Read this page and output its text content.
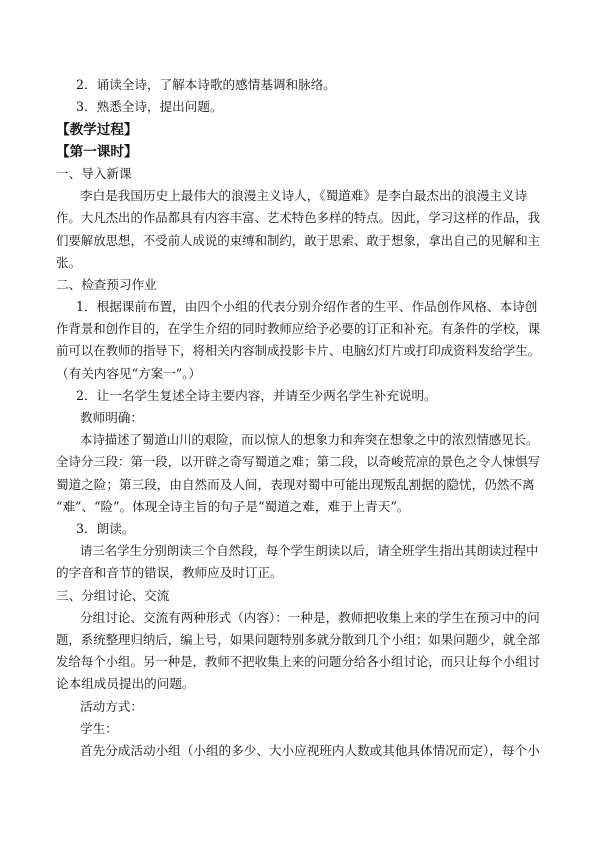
2．诵读全诗，了解本诗歌的感情基调和脉络。
3．熟悉全诗，提出问题。
【教学过程】
【第一课时】
一、导入新课
李白是我国历史上最伟大的浪漫主义诗人，《蜀道难》是李白最杰出的浪漫主义诗
作。大凡杰出的作品都具有内容丰富、艺术特色多样的特点。因此，学习这样的作品，我
们要解放思想，不受前人成说的束缚和制约，敢于思索、敢于想象，拿出自己的见解和主
张。
二、检查预习作业
1．根据课前布置，由四个小组的代表分别介绍作者的生平、作品创作风格、本诗创
作背景和创作目的，在学生介绍的同时教师应给予必要的订正和补充。有条件的学校，课
前可以在教师的指导下，将相关内容制成投影卡片、电脑幻灯片或打印成资料发给学生。
（有关内容见“方案一”。）
2．让一名学生复述全诗主要内容，并请至少两名学生补充说明。
教师明确：
本诗描述了蜀道山川的艰险，而以惊人的想象力和奔突在想象之中的浓烈情感见长。
全诗分三段：第一段，以开辟之奇写蜀道之难；第二段，以奇峻荒凉的景色之令人悚惧写
蜀道之险；第三段，由自然而及人间，表现对蜀中可能出现叛乱割据的隐忧，仍然不离
“难”、“险”。体现全诗主旨的句子是“蜀道之难，难于上青天”。
3．朗读。
请三名学生分别朗读三个自然段，每个学生朗读以后，请全班学生指出其朗读过程中
的字音和音节的错误，教师应及时订正。
三、分组讨论、交流
分组讨论、交流有两种形式（内容）：一种是，教师把收集上来的学生在预习中的问
题，系统整理归纳后，编上号，如果问题特别多就分散到几个小组；如果问题少，就全部
发给每个小组。另一种是，教师不把收集上来的问题分给各小组讨论，而只让每个小组讨
论本组成员提出的问题。
活动方式：
学生：
首先分成活动小组（小组的多少、大小应视班内人数或其他具体情况而定），每个小
